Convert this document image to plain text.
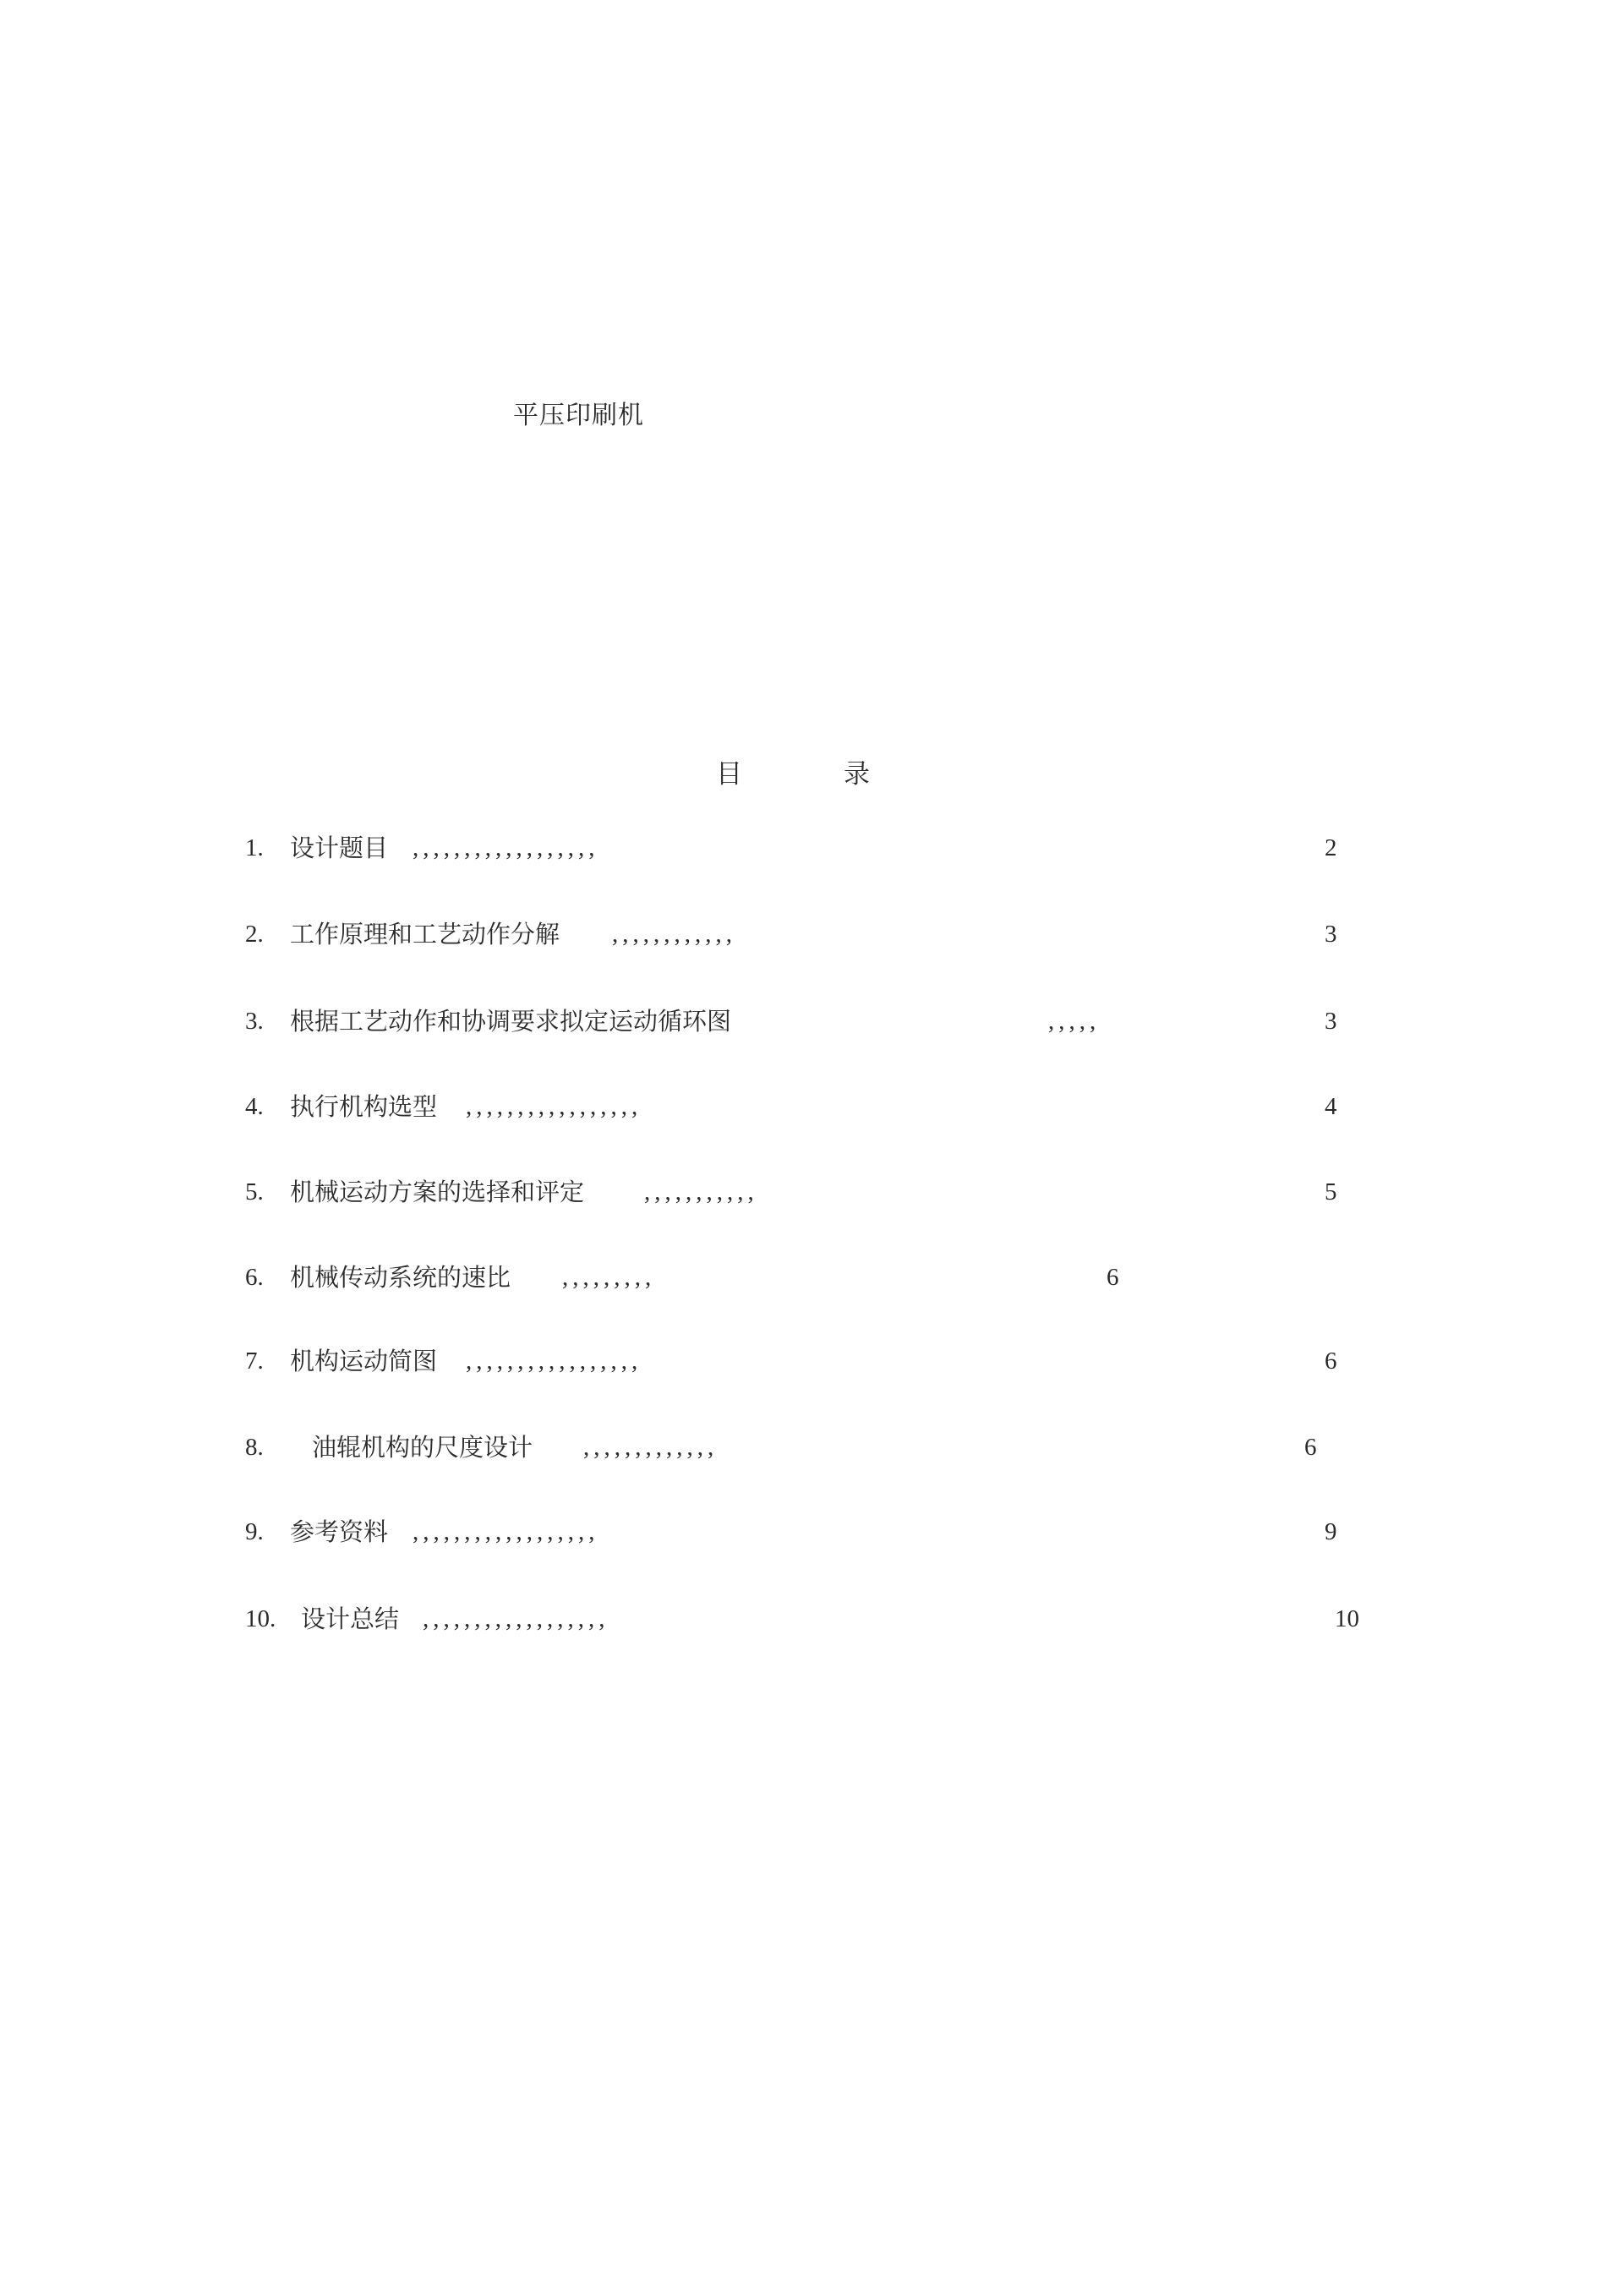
平压印刷机
目	录
1. 设计题目 ,,,,,,,,,,,,,,,,,,	2
2. 工作原理和工艺动作分解 ,,,,,,,,,,,,	3
3. 根据工艺动作和协调要求拟定运动循环图	,,,,,	3
4. 执行机构选型 ,,,,,,,,,,,,,,,,,	4
5. 机械运动方案的选择和评定 ,,,,,,,,,,,	5
6. 机械传动系统的速比 ,,,,,,,,,	6
7. 机构运动简图 ,,,,,,,,,,,,,,,,,	6
8. 油辊机构的尺度设计 ,,,,,,,,,,,,,	6
9. 参考资料 ,,,,,,,,,,,,,,,,,,	9
10. 设计总结 ,,,,,,,,,,,,,,,,,,	10
